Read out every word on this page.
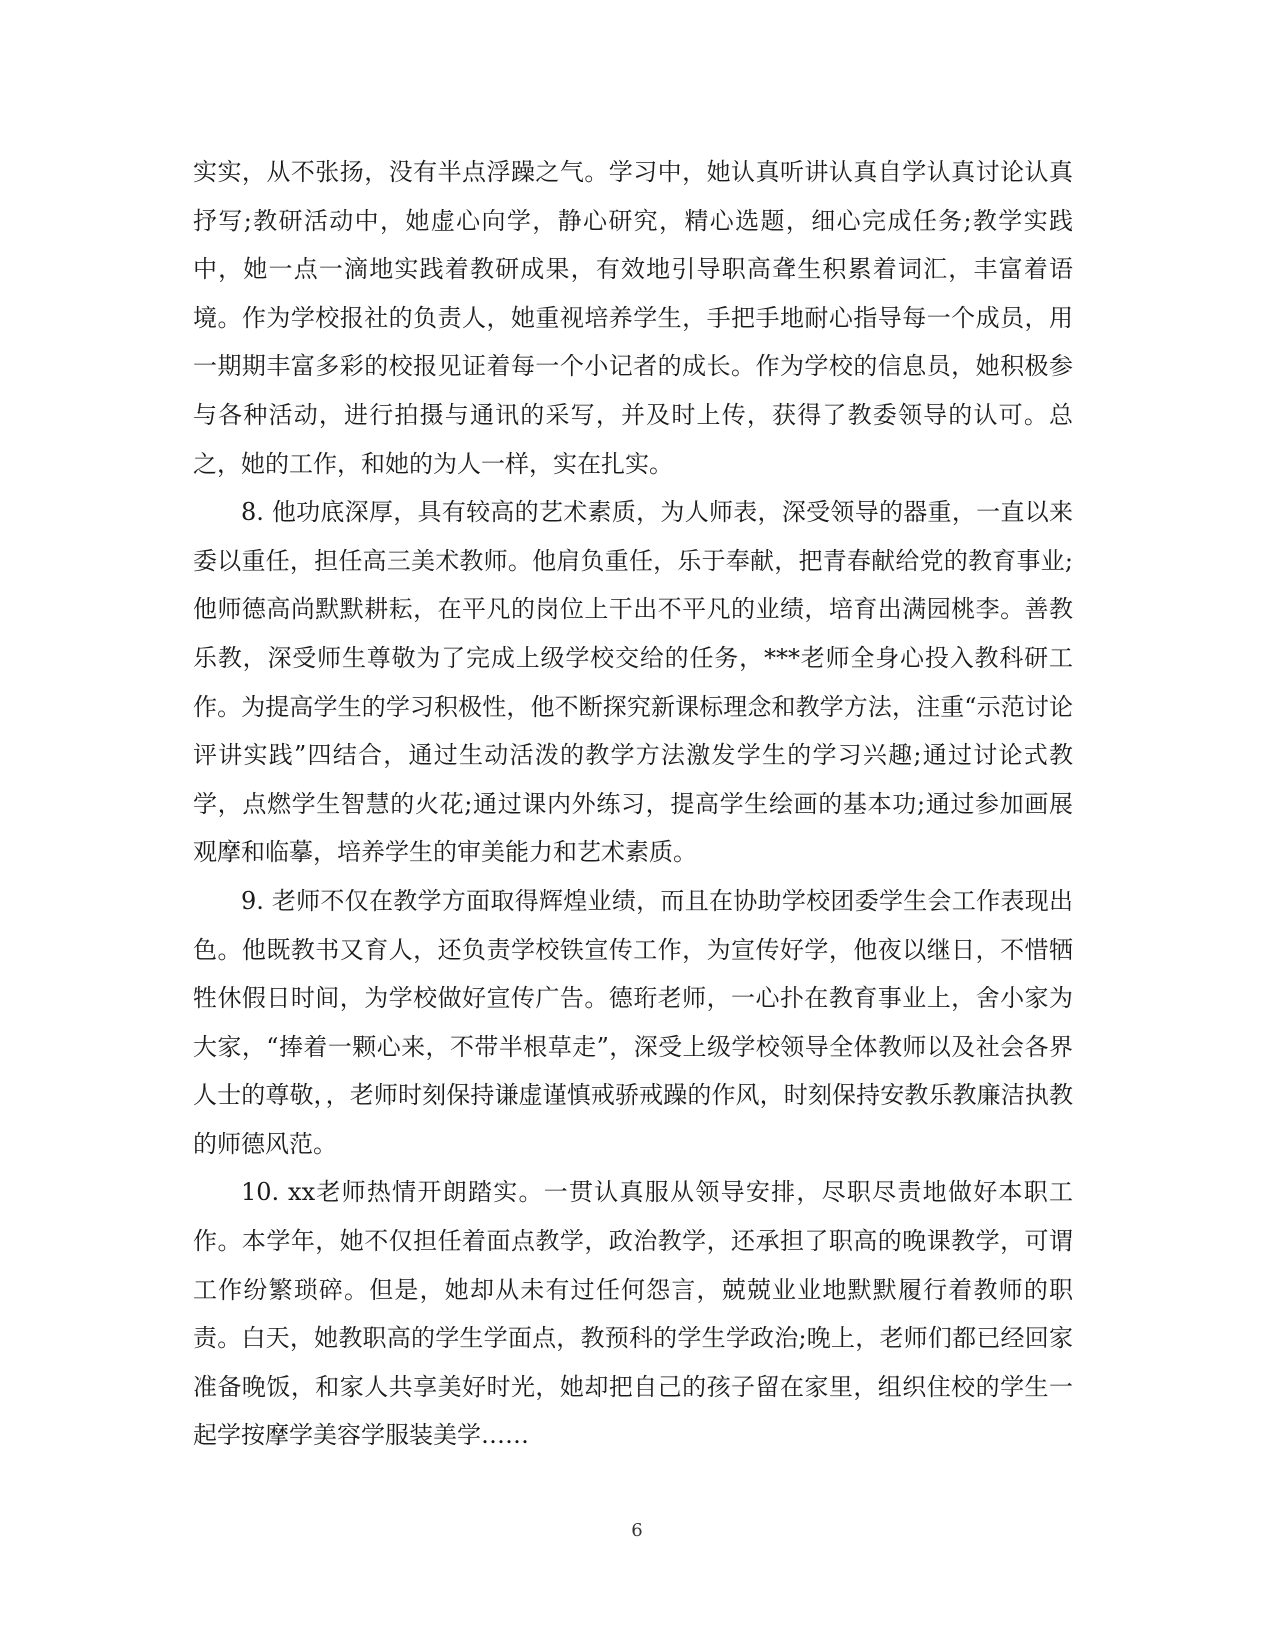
实实，从不张扬，没有半点浮躁之气。学习中，她认真听讲认真自学认真讨论认真抒写;教研活动中，她虚心向学，静心研究，精心选题，细心完成任务;教学实践中，她一点一滴地实践着教研成果，有效地引导职高聋生积累着词汇，丰富着语境。作为学校报社的负责人，她重视培养学生，手把手地耐心指导每一个成员，用一期期丰富多彩的校报见证着每一个小记者的成长。作为学校的信息员，她积极参与各种活动，进行拍摄与通讯的采写，并及时上传，获得了教委领导的认可。总之，她的工作，和她的为人一样，实在扎实。

8. 他功底深厚，具有较高的艺术素质，为人师表，深受领导的器重，一直以来委以重任，担任高三美术教师。他肩负重任，乐于奉献，把青春献给党的教育事业;他师德高尚默默耕耘，在平凡的岗位上干出不平凡的业绩，培育出满园桃李。善教乐教，深受师生尊敬为了完成上级学校交给的任务，***老师全身心投入教科研工作。为提高学生的学习积极性，他不断探究新课标理念和教学方法，注重“示范讨论评讲实践”四结合，通过生动活泼的教学方法激发学生的学习兴趣;通过讨论式教学，点燃学生智慧的火花;通过课内外练习，提高学生绘画的基本功;通过参加画展观摩和临摹，培养学生的审美能力和艺术素质。

9. 老师不仅在教学方面取得辉煌业绩，而且在协助学校团委学生会工作表现出色。他既教书又育人，还负责学校铁宣传工作，为宣传好学，他夜以继日，不惜牺牲休假日时间，为学校做好宣传广告。德珩老师，一心扑在教育事业上，舍小家为大家，“捧着一颗心来，不带半根草走”，深受上级学校领导全体教师以及社会各界人士的尊敬，，老师时刻保持谦虚谨慎戒骄戒躁的作风，时刻保持安教乐教廉洁执教的师德风范。

10. xx老师热情开朗踏实。一贯认真服从领导安排，尽职尽责地做好本职工作。本学年，她不仅担任着面点教学，政治教学，还承担了职高的晚课教学，可谓工作纷繁琐碎。但是，她却从未有过任何怨言，兢兢业业地默默履行着教师的职责。白天，她教职高的学生学面点，教预科的学生学政治;晚上，老师们都已经回家准备晚饭，和家人共享美好时光，她却把自己的孩子留在家里，组织住校的学生一起学按摩学美容学服装美学……

6
